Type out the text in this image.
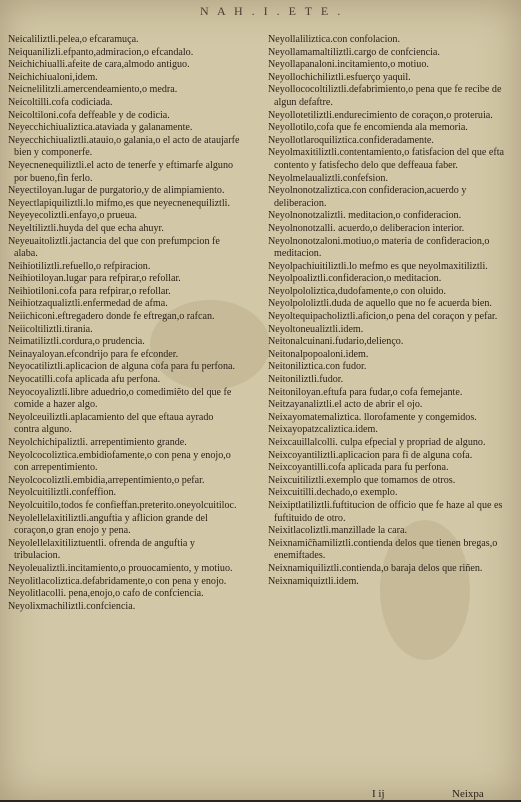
N A H . I . E T E .

Neicaliliztli.pelea,o efcaramuça.

Neiquanilizli.efpanto,admiracion,o efcandalo.

Neichichiualli.afeite de cara,almodo antiguo.

Neichichiualoni,idem.

Neicnelilitzli.amercendeamiento,o medra.

Neicoltilli.cofa codiciada.

Neicoltiloni.cofa deffeable y de codicia.

Neyecchichiualiztica.ataviada y galanamente.

Neyecchichiualiztli.atauio,o galania,o el acto de ataujarfe bien y componerfe.

Neyecnenequiliztli.el acto de tenerfe y eftimarfe alguno por bueno,fin ferlo.

Neyectiloyan.lugar de purgatorio,y de alimpiamiento.

Neyectlapiquiliztli.lo mifmo,es que neyecnenequiliztli.

Neyeyecoliztli.enfayo,o prueua.

Neyeltiliztli.huyda del que echa ahuyr.

Neyeuaitoliztli.jactancia del que con prefumpcion fe alaba.

Neihiotiliztli.refuello,o refpiracion.

Neihiotiloyan.lugar para refpirar,o refollar.

Neihiotiloni.cofa para refpirar,o refollar.

Neihiotzaqualiztli.enfermedad de afma.

Neiichiconi.eftregadero donde fe eftregan,o rafcan.

Neiicoltiliztli.tirania.

Neimatiliztli.cordura,o prudencia.

Neinayaloyan.efcondrijo para fe efconder.

Neyocatiliztli.aplicacion de alguna cofa para fu perfona.

Neyocatilli.cofa aplicada afu perfona.

Neyocoyaliztli.libre aduedrio,o comedimiẽto del que fe comide a hazer algo.

Neyolceuiliztli.aplacamiento del que eftaua ayrado contra alguno.

Neyolchichipaliztli. arrepentimiento grande.

Neyolcocoliztica.embidiofamente,o con pena y enojo,o con arrepentimiento.

Neyolcocoliztli.embidia,arrepentimiento,o pefar.

Neyolcuitiliztli.confeffion.

Neyolcuitilo,todos fe confieffan.preterito.oneyolcuitiloc.

Neyolellelaxitiliztli.anguftia y aflicion grande del coraçon,o gran enojo y pena.

Neyolellelaxitiliztuentli. ofrenda de anguftia y tribulacion.

Neyoleualiztli.incitamiento,o prouocamiento, y motiuo.

Neyolitlacoliztica.defabridamente,o con pena y enojo.

Neyolitlacolli. pena,enojo,o cafo de confciencia.

Neyolixmachiliztli.confciencia.

Neyollaliliztica.con confolacion.

Neyollamamaltiliztli.cargo de confciencia.

Neyollapanaloni.incitamiento,o motiuo.

Neyollochichiliztli.esfuerço yaquil.

Neyollococoltiliztli.defabrimiento,o pena que fe recibe de algun defaftre.

Neyollotetiliztli.endurecimiento de coraçon,o proteruia.

Neyollotilo,cofa que fe encomienda ala memoria.

Neyollotlaroquiliztica.confideradamente.

Neyolmaxitiliztli.contentamiento,o fatisfacion del que efta contento y fatisfecho delo que deffeaua faber.

Neyolmelaualiztli.confefsion.

Neyolnonotzaliztica.con confideracion,acuerdo y deliberacion.

Neyolnonotzaliztli. meditacion,o confideracion.

Neyolnonotzalli. acuerdo,o deliberacion interior.

Neyolnonotzaloni.motiuo,o materia de confideracion,o meditacion.

Neyolpachiuitiliztli.lo mefmo es que neyolmaxitiliztli.

Neyolpoaliztli.confideracion,o meditacion.

Neyolpololiztica,dudofamente,o con oluido.

Neyolpololiztli.duda de aquello que no fe acuerda bien.

Neyoltequipacholiztli.aficion,o pena del coraçon y pefar.

Neyoltoneualiztli.idem.

Neitonalcuinani.fudario,delienço.

Neitonalpopoaloni.idem.

Neitoniliztica.con fudor.

Neitoniliztli.fudor.

Neitoniloyan.eftufa para fudar,o cofa femejante.

Neitzayanaliztli.el acto de abrir el ojo.

Neixayomatemaliztica. llorofamente y congemidos.

Neixayopatzcaliztica.idem.

Neixcauillalcolli. culpa efpecial y propriad de alguno.

Neixcoyantiliztli.aplicacion para fi de alguna cofa.

Neixcoyantilli.cofa aplicada para fu perfona.

Neixcuitiliztli.exemplo que tomamos de otros.

Neixcuitilli.dechado,o exemplo.

Neixiptlatiliztli.fuftitucion de officio que fe haze al que es fuftituido de otro.

Neixitlacoliztli.manzillade la cara.

Neixnamiĉ̃namiliztli.contienda delos que tienen bregas,o enemiftades.

Neixnamiquiliztli.contienda,o baraja delos que riñen.

Neixnamiquiztli.idem.

I ij	Neixpa
